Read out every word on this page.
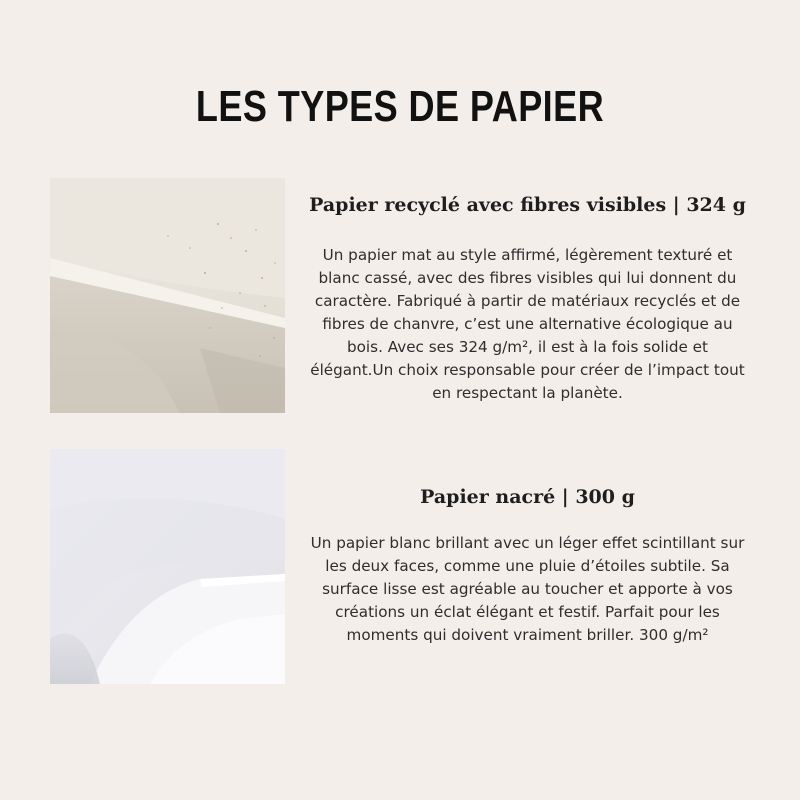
LES TYPES DE PAPIER
Papier recyclé avec fibres visibles | 324 g
Un papier mat au style affirmé, légèrement texturé et blanc cassé, avec des fibres visibles qui lui donnent du caractère. Fabriqué à partir de matériaux recyclés et de fibres de chanvre, c’est une alternative écologique au bois. Avec ses 324 g/m², il est à la fois solide et élégant.Un choix responsable pour créer de l’impact tout en respectant la planète.
Papier nacré | 300 g
Un papier blanc brillant avec un léger effet scintillant sur les deux faces, comme une pluie d’étoiles subtile. Sa surface lisse est agréable au toucher et apporte à vos créations un éclat élégant et festif. Parfait pour les moments qui doivent vraiment briller. 300 g/m²
